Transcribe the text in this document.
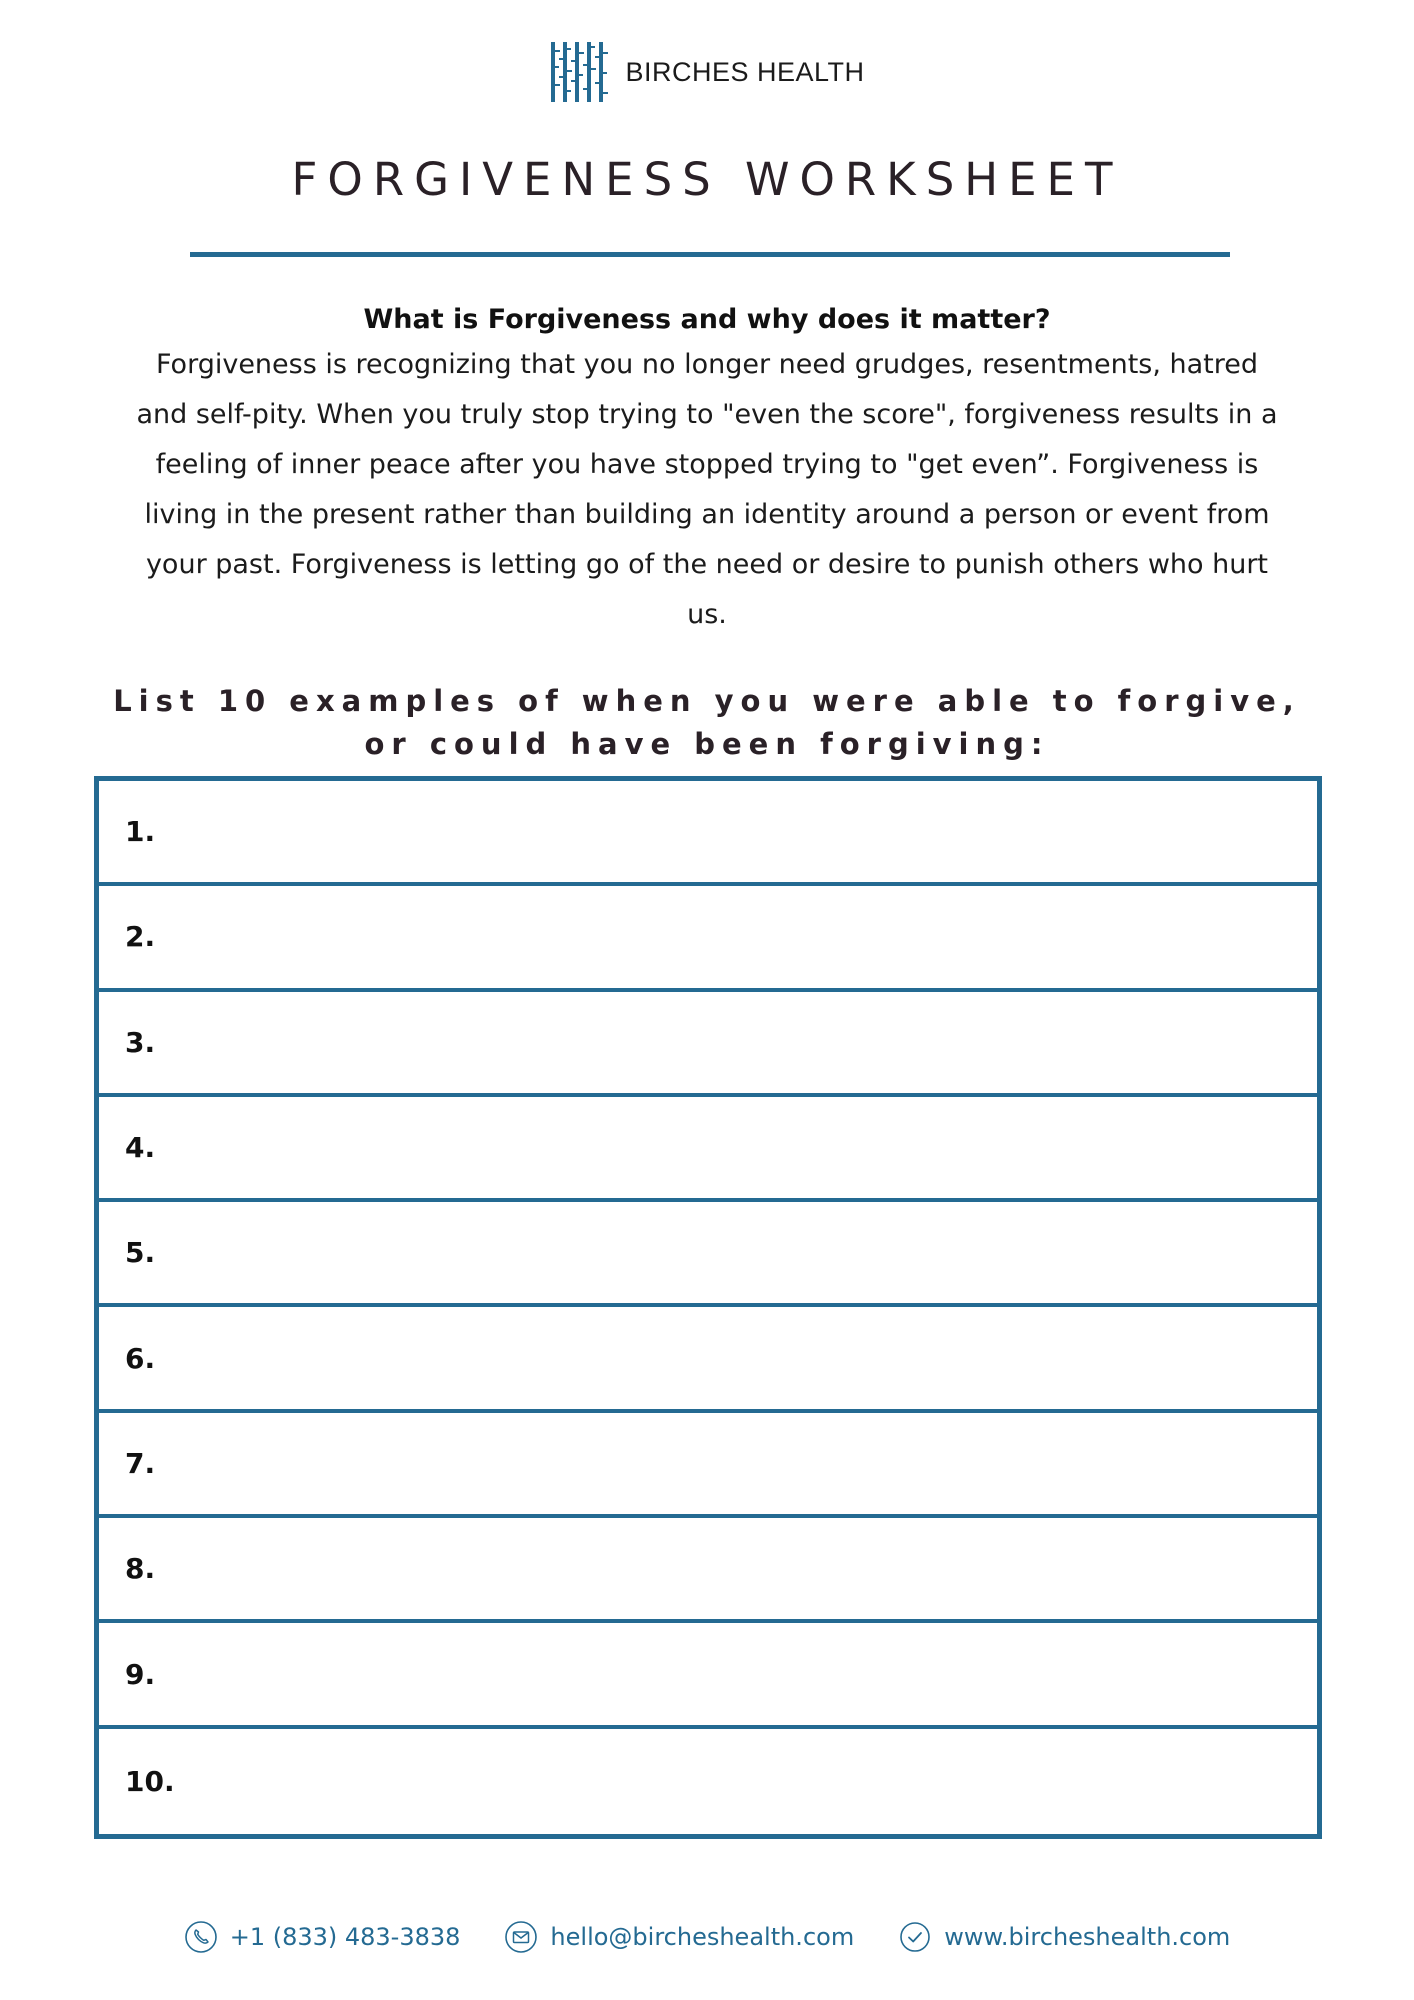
BIRCHES HEALTH
FORGIVENESS WORKSHEET

What is Forgiveness and why does it matter?

Forgiveness is recognizing that you no longer need grudges, resentments, hatred and self-pity. When you truly stop trying to "even the score", forgiveness results in a feeling of inner peace after you have stopped trying to "get even”. Forgiveness is living in the present rather than building an identity around a person or event from your past. Forgiveness is letting go of the need or desire to punish others who hurt us.

List 10 examples of when you were able to forgive, or could have been forgiving:

1.
2.
3.
4.
5.
6.
7.
8.
9.
10.
+1 (833) 483-3838	hello@bircheshealth.com	www.bircheshealth.com
